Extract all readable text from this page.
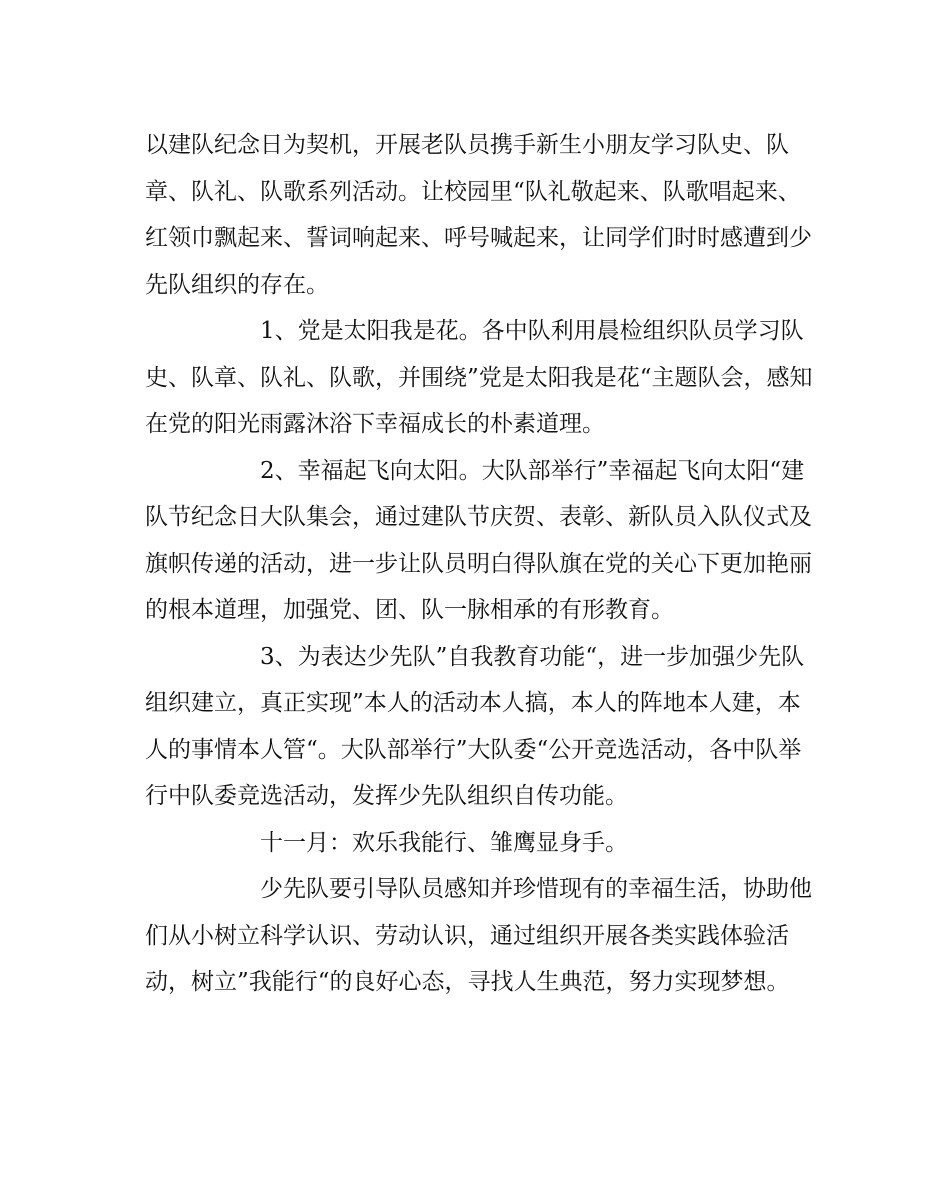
以建队纪念日为契机，开展老队员携手新生小朋友学习队史、队章、队礼、队歌系列活动。让校园里“队礼敬起来、队歌唱起来、红领巾飘起来、誓词响起来、呼号喊起来，让同学们时时感遭到少先队组织的存在。

1、党是太阳我是花。各中队利用晨检组织队员学习队史、队章、队礼、队歌，并围绕”党是太阳我是花“主题队会，感知在党的阳光雨露沐浴下幸福成长的朴素道理。

2、幸福起飞向太阳。大队部举行”幸福起飞向太阳“建队节纪念日大队集会，通过建队节庆贺、表彰、新队员入队仪式及旗帜传递的活动，进一步让队员明白得队旗在党的关心下更加艳丽的根本道理，加强党、团、队一脉相承的有形教育。

3、为表达少先队”自我教育功能“，进一步加强少先队组织建立，真正实现”本人的活动本人搞，本人的阵地本人建，本人的事情本人管“。大队部举行”大队委“公开竞选活动，各中队举行中队委竞选活动，发挥少先队组织自传功能。

十一月：欢乐我能行、雏鹰显身手。

少先队要引导队员感知并珍惜现有的幸福生活，协助他们从小树立科学认识、劳动认识，通过组织开展各类实践体验活动，树立”我能行“的良好心态，寻找人生典范，努力实现梦想。
